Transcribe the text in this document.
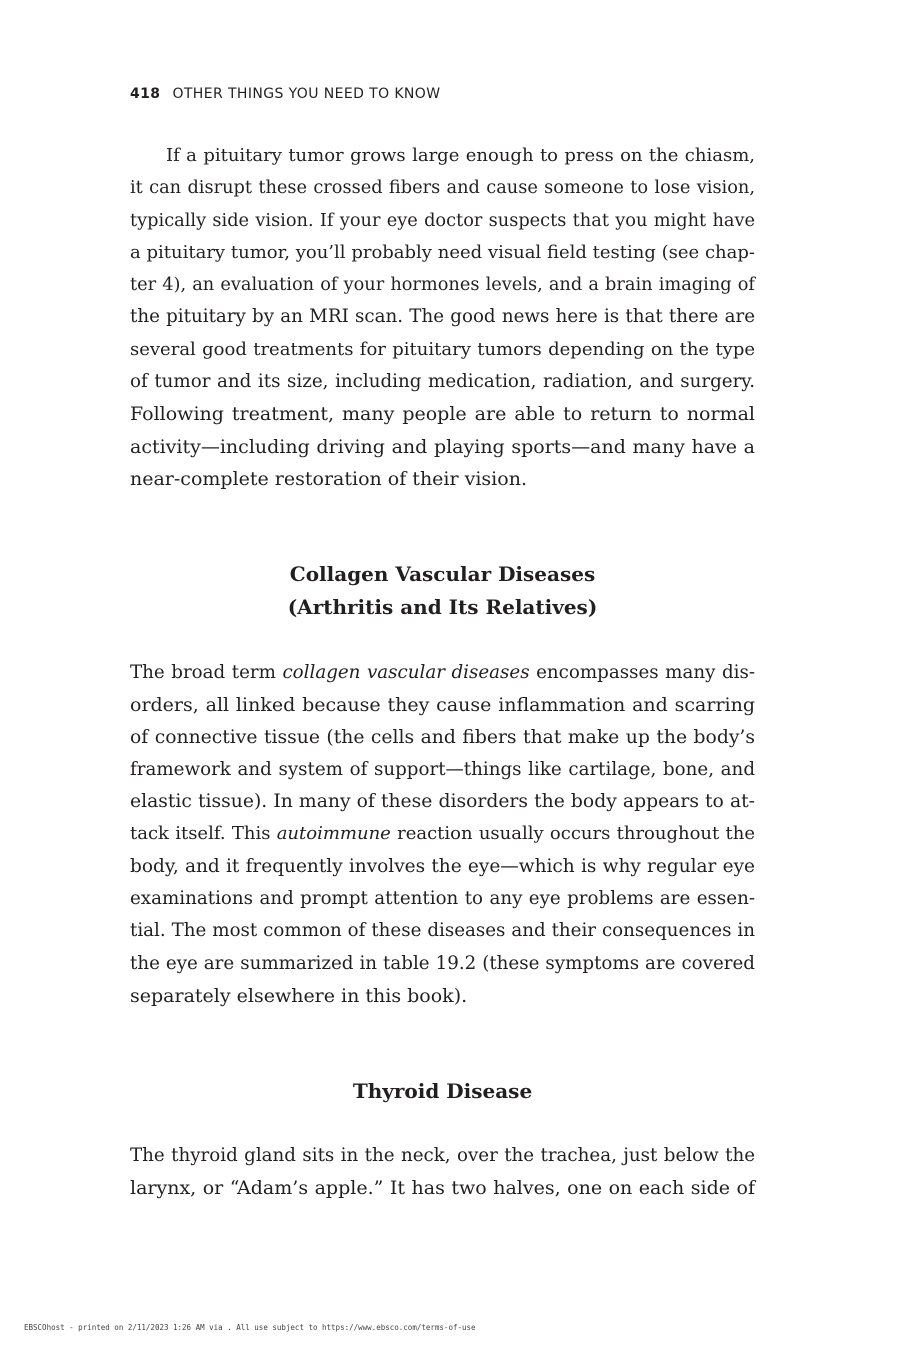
418 OTHER THINGS YOU NEED TO KNOW
If a pituitary tumor grows large enough to press on the chiasm,
it can disrupt these crossed fibers and cause someone to lose vision,
typically side vision. If your eye doctor suspects that you might have
a pituitary tumor, you’ll probably need visual field testing (see chap-
ter 4), an evaluation of your hormones levels, and a brain imaging of
the pituitary by an MRI scan. The good news here is that there are
several good treatments for pituitary tumors depending on the type
of tumor and its size, including medication, radiation, and surgery.
Following treatment, many people are able to return to normal
activity—including driving and playing sports—and many have a
near-complete restoration of their vision.
Collagen Vascular Diseases
(Arthritis and Its Relatives)
The broad term collagen vascular diseases encompasses many dis-
orders, all linked because they cause inflammation and scarring
of connective tissue (the cells and fibers that make up the body’s
framework and system of support—things like cartilage, bone, and
elastic tissue). In many of these disorders the body appears to at-
tack itself. This autoimmune reaction usually occurs throughout the
body, and it frequently involves the eye—which is why regular eye
examinations and prompt attention to any eye problems are essen-
tial. The most common of these diseases and their consequences in
the eye are summarized in table 19.2 (these symptoms are covered
separately elsewhere in this book).
Thyroid Disease
The thyroid gland sits in the neck, over the trachea, just below the
larynx, or “Adam’s apple.” It has two halves, one on each side of
EBSCOhost - printed on 2/11/2023 1:26 AM via . All use subject to https://www.ebsco.com/terms-of-use
